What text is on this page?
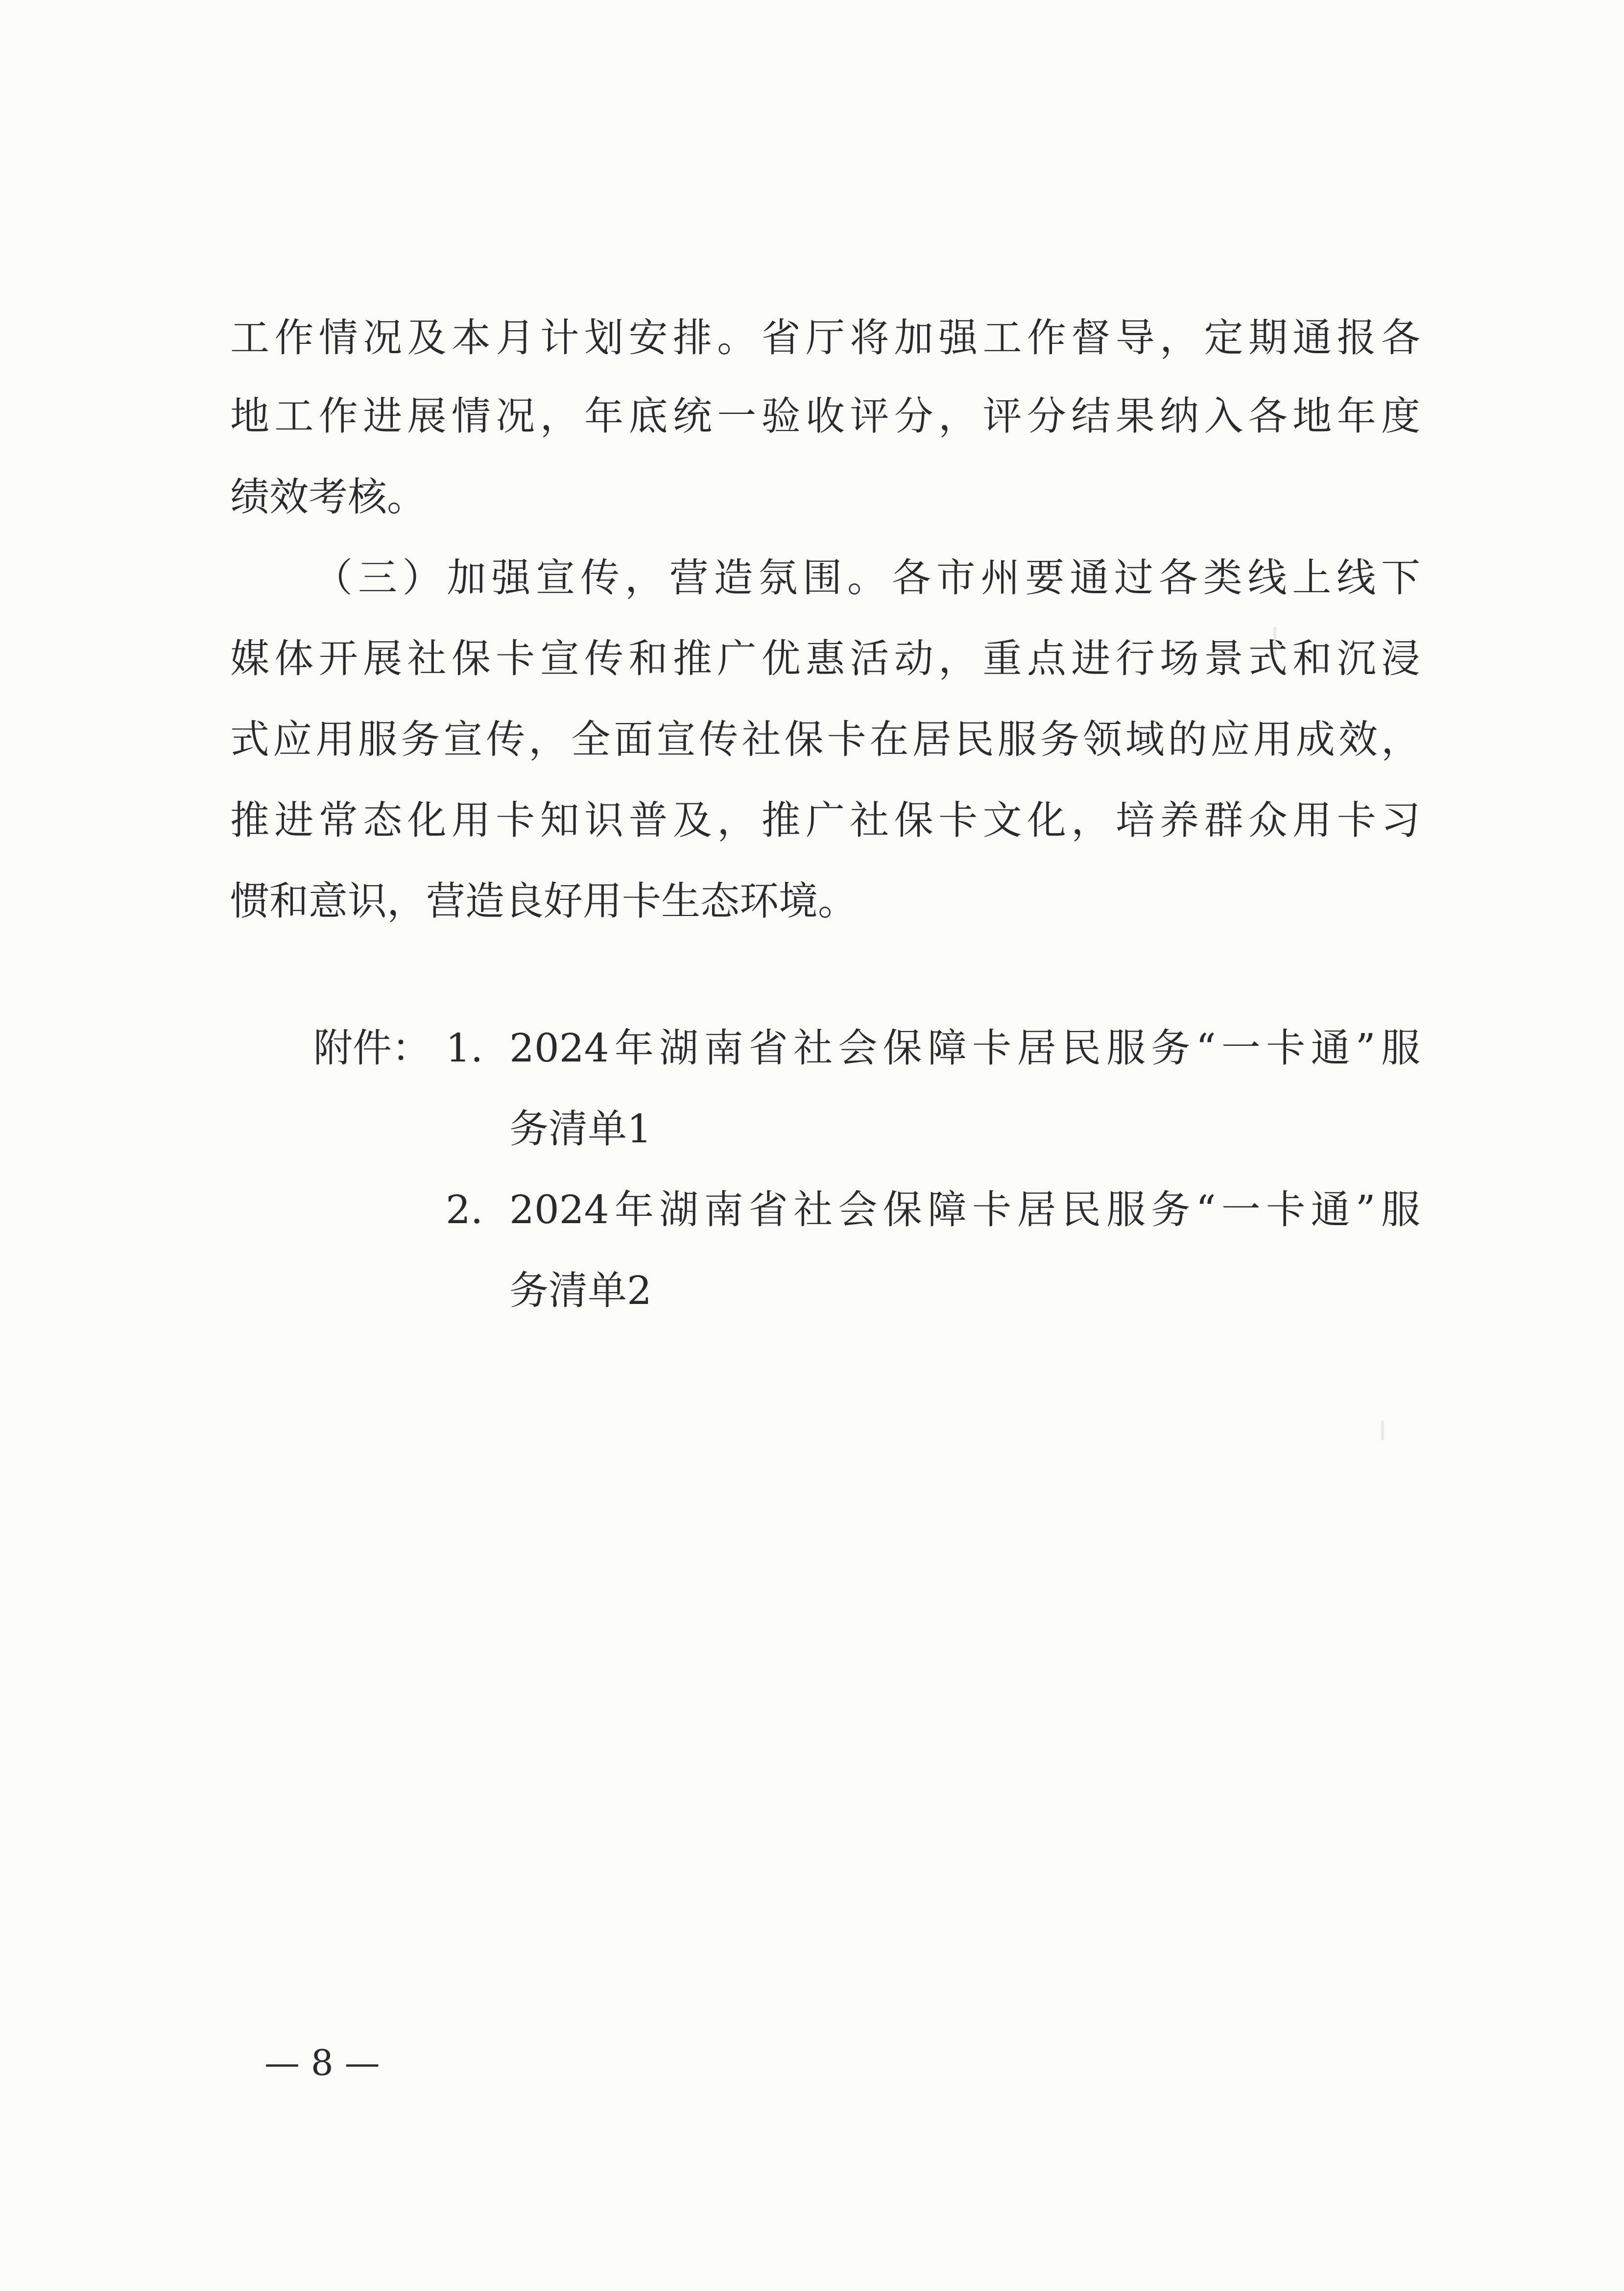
工作情况及本月计划安排。省厅将加强工作督导，定期通报各
地工作进展情况，年底统一验收评分，评分结果纳入各地年度
绩效考核。
（三）加强宣传，营造氛围。各市州要通过各类线上线下
媒体开展社保卡宣传和推广优惠活动，重点进行场景式和沉浸
式应用服务宣传，全面宣传社保卡在居民服务领域的应用成效，
推进常态化用卡知识普及，推广社保卡文化，培养群众用卡习
惯和意识，营造良好用卡生态环境。
附件： 1. 2024年湖南省社会保障卡居民服务“一卡通”服
务清单1
2. 2024年湖南省社会保障卡居民服务“一卡通”服
务清单2
— 8 —
